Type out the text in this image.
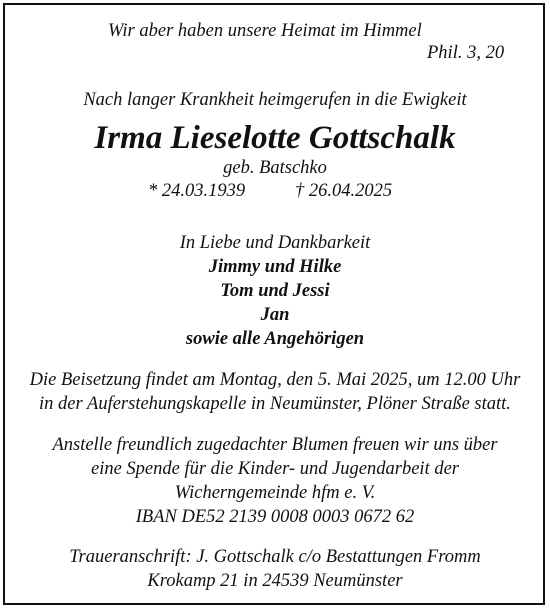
Wir aber haben unsere Heimat im Himmel
Phil. 3, 20
Nach langer Krankheit heimgerufen in die Ewigkeit
Irma Lieselotte Gottschalk
geb. Batschko
* 24.03.1939	† 26.04.2025
In Liebe und Dankbarkeit
Jimmy und Hilke
Tom und Jessi
Jan
sowie alle Angehörigen
Die Beisetzung findet am Montag, den 5. Mai 2025, um 12.00 Uhr
in der Auferstehungskapelle in Neumünster, Plöner Straße statt.
Anstelle freundlich zugedachter Blumen freuen wir uns über
eine Spende für die Kinder- und Jugendarbeit der
Wicherngemeinde hfm e. V.
IBAN DE52 2139 0008 0003 0672 62
Traueranschrift: J. Gottschalk c/o Bestattungen Fromm
Krokamp 21 in 24539 Neumünster
